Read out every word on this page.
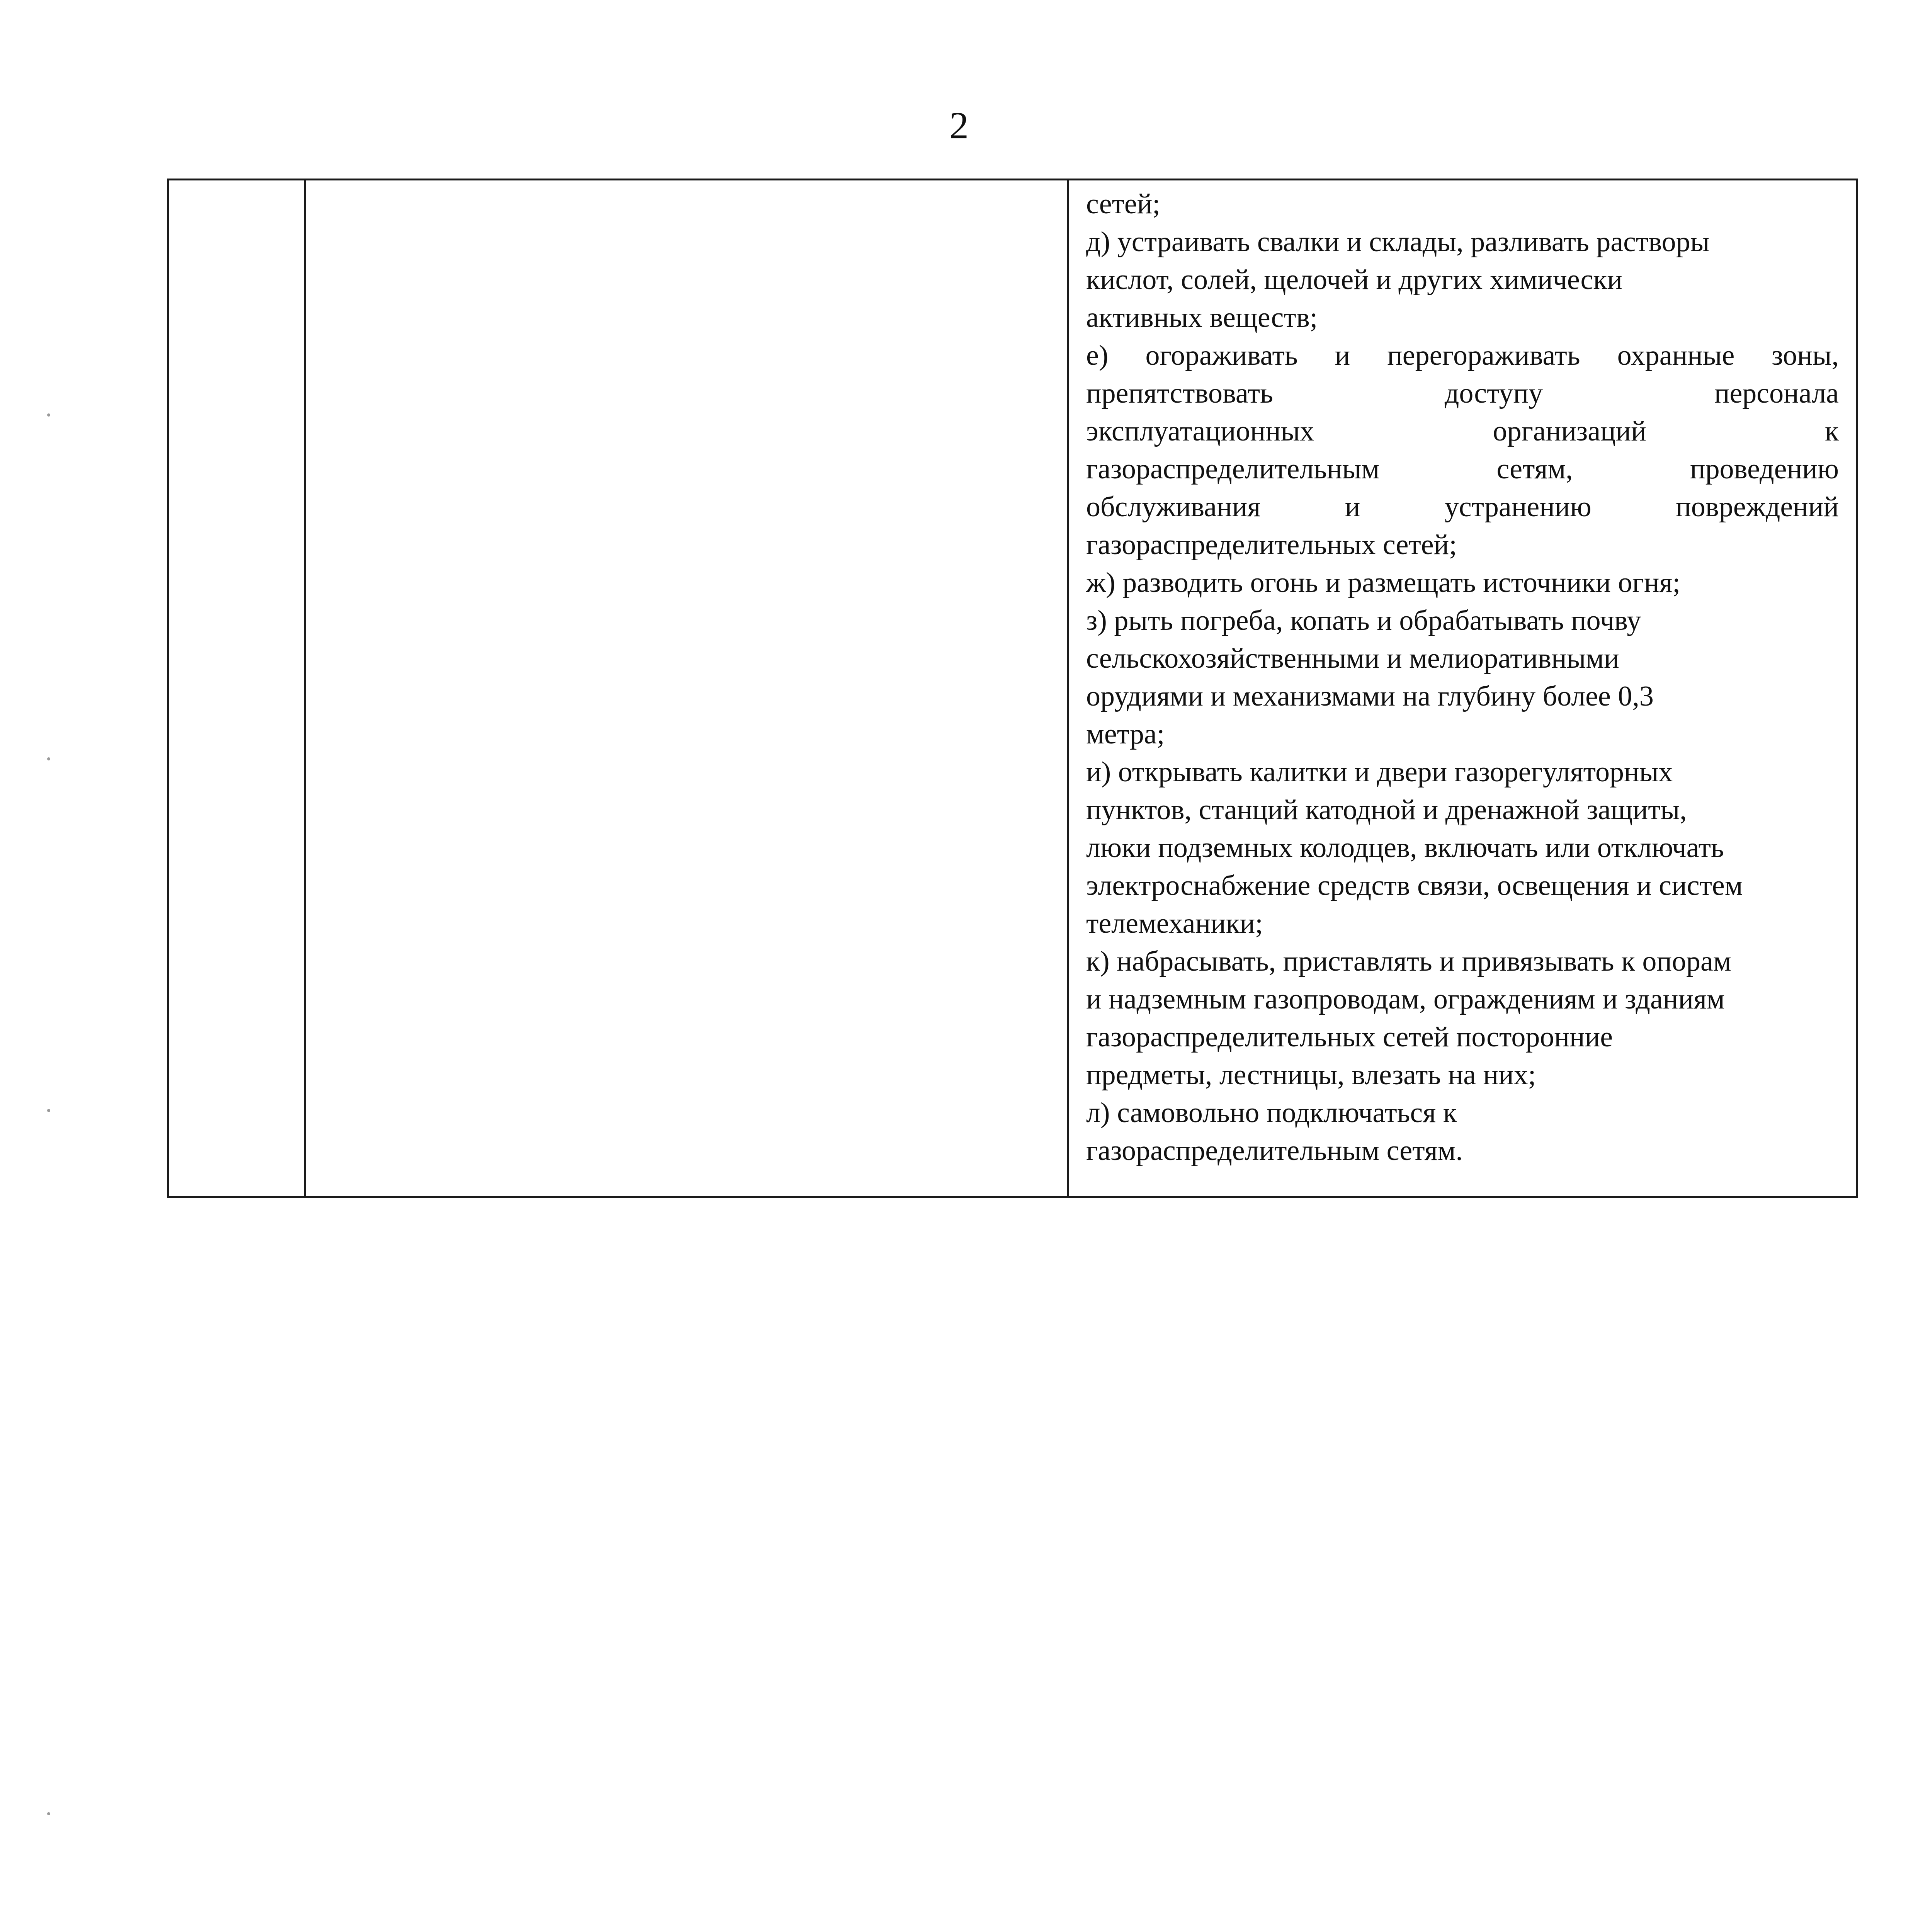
2

сетей;
д) устраивать свалки и склады, разливать растворы
кислот, солей, щелочей и других химически
активных веществ;
е) огораживать и перегораживать охранные зоны,
препятствовать доступу персонала
эксплуатационных организаций к
газораспределительным сетям, проведению
обслуживания и устранению повреждений
газораспределительных сетей;
ж) разводить огонь и размещать источники огня;
з) рыть погреба, копать и обрабатывать почву
сельскохозяйственными и мелиоративными
орудиями и механизмами на глубину более 0,3
метра;
и) открывать калитки и двери газорегуляторных
пунктов, станций катодной и дренажной защиты,
люки подземных колодцев, включать или отключать
электроснабжение средств связи, освещения и систем
телемеханики;
к) набрасывать, приставлять и привязывать к опорам
и надземным газопроводам, ограждениям и зданиям
газораспределительных сетей посторонние
предметы, лестницы, влезать на них;
л) самовольно подключаться к
газораспределительным сетям.
